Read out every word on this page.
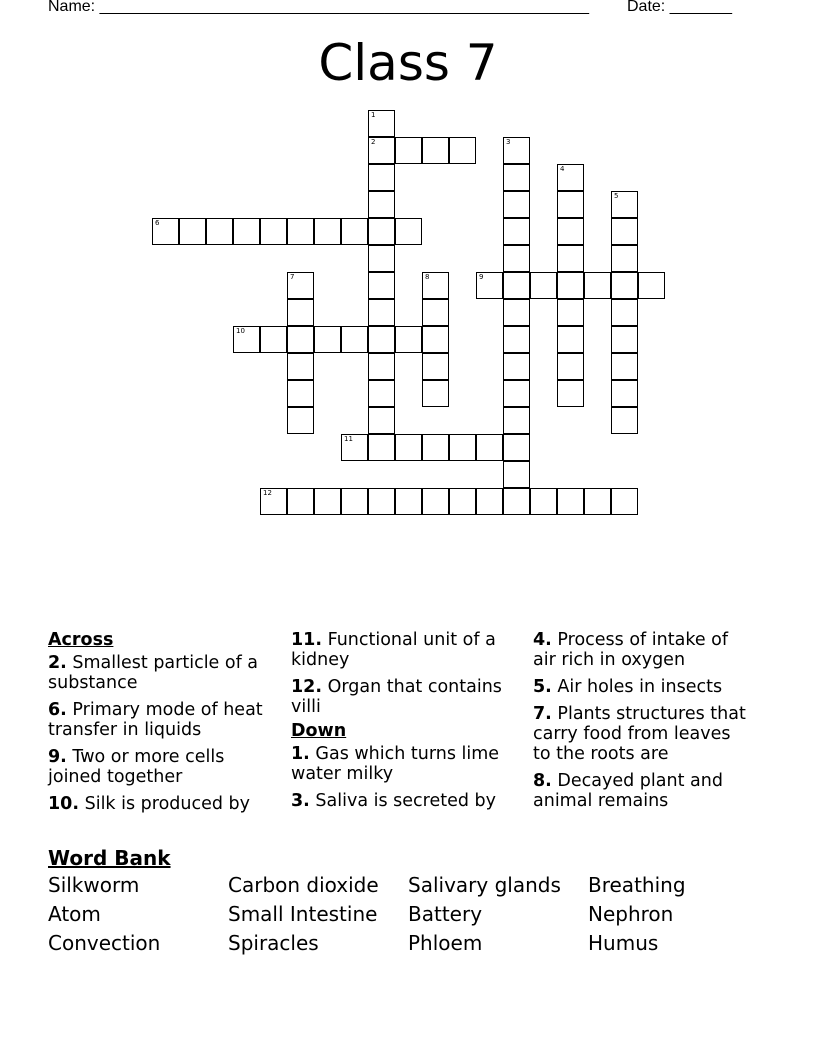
Name: _______________________________________________________

Date: _______

Class 7
1
2	3
4
5
6
7	8	9
10
11
12
Across
2. Smallest particle of a substance
6. Primary mode of heat transfer in liquids
9. Two or more cells joined together
10. Silk is produced by
11. Functional unit of a kidney
12. Organ that contains villi
Down
1. Gas which turns lime water milky
3. Saliva is secreted by
4. Process of intake of air rich in oxygen
5. Air holes in insects
7. Plants structures that carry food from leaves to the roots are
8. Decayed plant and animal remains
Word Bank
Silkworm	Carbon dioxide	Salivary glands	Breathing
Atom	Small Intestine	Battery	Nephron
Convection	Spiracles	Phloem	Humus
